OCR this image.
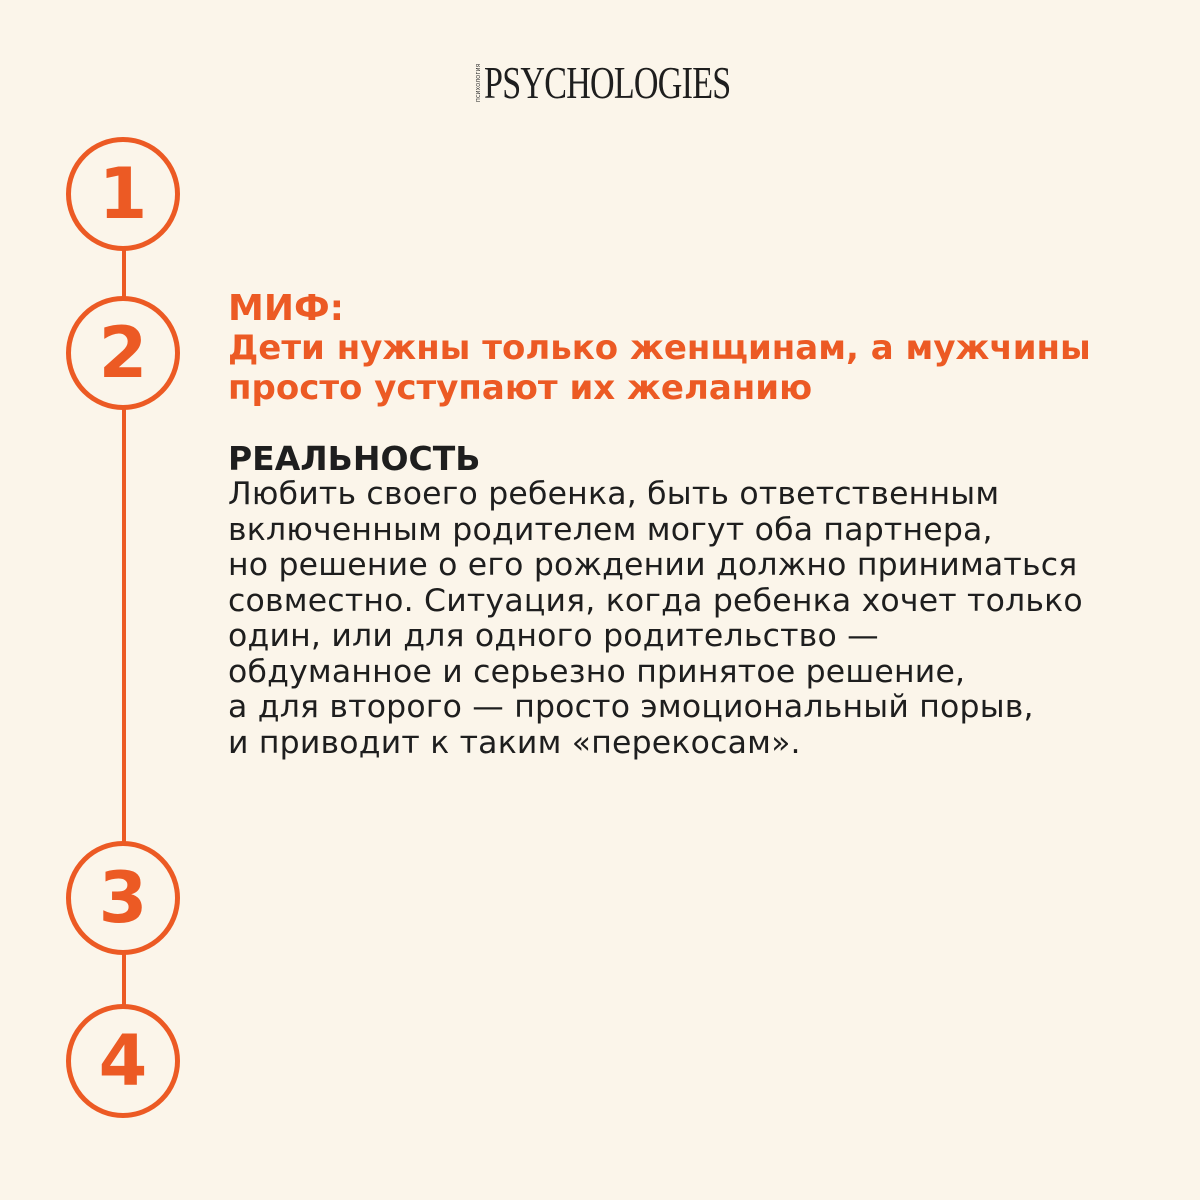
ПСИХОЛОГИЯ PSYCHOLOGIES
1
2
3
4

МИФ:

Дети нужны только женщинам, а мужчины просто уступают их желанию

РЕАЛЬНОСТЬ

Любить своего ребенка, быть ответственным
включенным родителем могут оба партнера,
но решение о его рождении должно приниматься
совместно. Ситуация, когда ребенка хочет только
один, или для одного родительство —
обдуманное и серьезно принятое решение,
а для второго — просто эмоциональный порыв,
и приводит к таким «перекосам».
